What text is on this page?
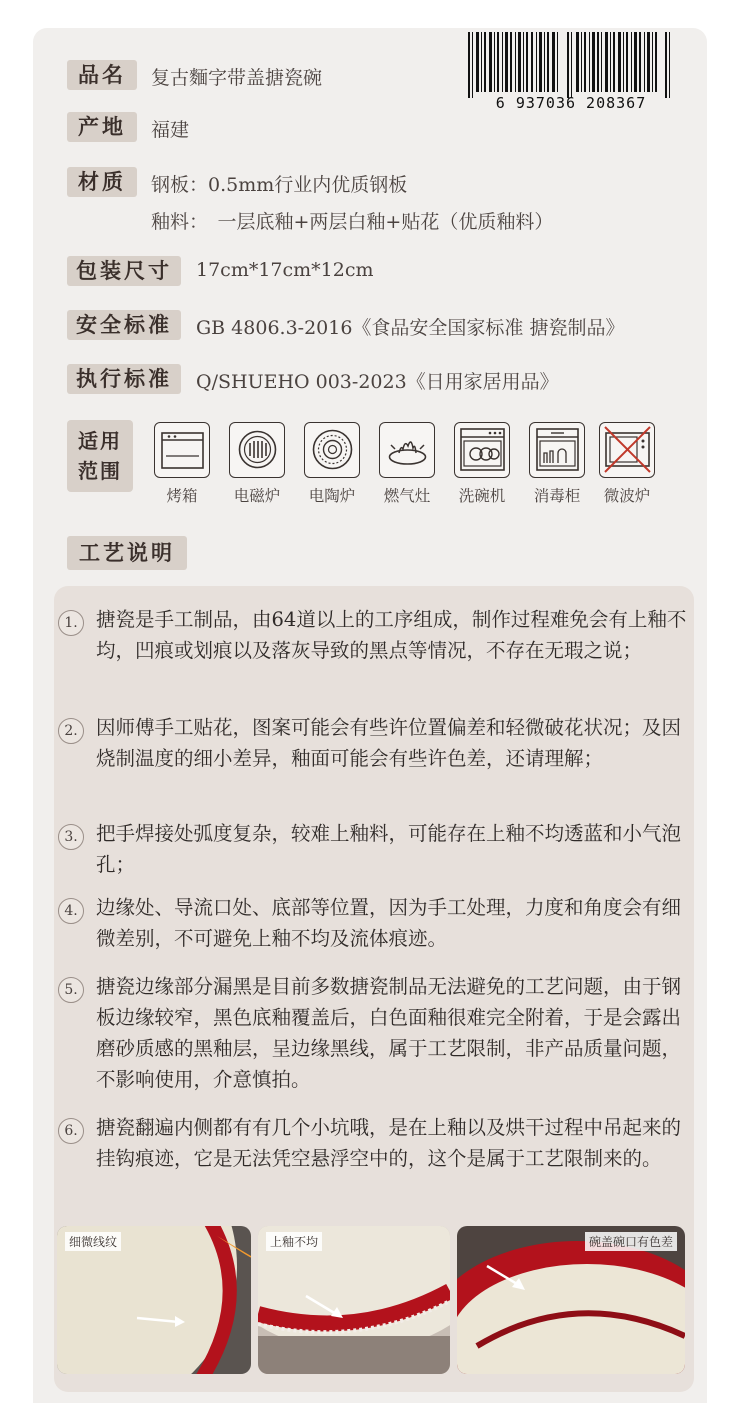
品名	复古麵字带盖搪瓷碗
产地	福建
材质	钢板：0.5mm行业内优质钢板
釉料：　一层底釉+两层白釉+贴花（优质釉料）
包装尺寸	17cm*17cm*12cm
安全标准	GB 4806.3-2016《食品安全国家标准 搪瓷制品》
执行标准	Q/SHUEHO 003-2023《日用家居用品》
6 937036 208367
适用
范围
烤箱	电磁炉	电陶炉	燃气灶	洗碗机	消毒柜	微波炉
工艺说明
1. 搪瓷是手工制品，由64道以上的工序组成，制作过程难免会有上釉不均，凹痕或划痕以及落灰导致的黑点等情况，不存在无瑕之说；
2. 因师傅手工贴花，图案可能会有些许位置偏差和轻微破花状况；及因烧制温度的细小差异，釉面可能会有些许色差，还请理解；
3. 把手焊接处弧度复杂，较难上釉料，可能存在上釉不均透蓝和小气泡孔；
4. 边缘处、导流口处、底部等位置，因为手工处理，力度和角度会有细微差别，不可避免上釉不均及流体痕迹。
5. 搪瓷边缘部分漏黑是目前多数搪瓷制品无法避免的工艺问题，由于钢板边缘较窄，黑色底釉覆盖后，白色面釉很难完全附着，于是会露出磨砂质感的黑釉层，呈边缘黑线，属于工艺限制，非产品质量问题，不影响使用，介意慎拍。
6. 搪瓷翻遍内侧都有有几个小坑哦，是在上釉以及烘干过程中吊起来的挂钩痕迹，它是无法凭空悬浮空中的，这个是属于工艺限制来的。
细微线纹	上釉不均	碗盖碗口有色差
